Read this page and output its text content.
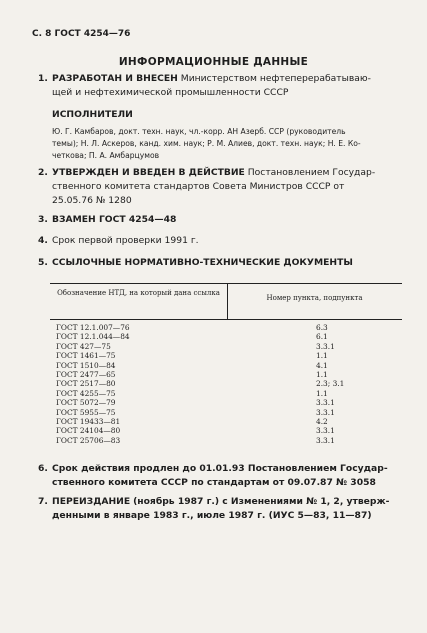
С. 8 ГОСТ 4254—76
ИНФОРМАЦИОННЫЕ ДАННЫЕ
1. РАЗРАБОТАН И ВНЕСЕН Министерством нефтеперерабатываю-
щей и нефтехимической промышленности СССР
ИСПОЛНИТЕЛИ
Ю. Г. Камбаров, докт. техн. наук, чл.-корр. АН Азерб. ССР (руководитель
темы); Н. Л. Аскеров, канд. хим. наук; Р. М. Алиев, докт. техн. наук; Н. Е. Ко-
четкова; П. А. Амбарцумов
2. УТВЕРЖДЕН И ВВЕДЕН В ДЕЙСТВИЕ Постановлением Государ-
ственного комитета стандартов Совета Министров СССР от
25.05.76 № 1280
3. ВЗАМЕН ГОСТ 4254—48
4. Срок первой проверки 1991 г.
5. ССЫЛОЧНЫЕ НОРМАТИВНО-ТЕХНИЧЕСКИЕ ДОКУМЕНТЫ
Обозначение НТД, на который дана ссылка
Номер пункта, подпункта
ГОСТ 12.1.007—76	6.3
ГОСТ 12.1.044—84	6.1
ГОСТ 427—75	3.3.1
ГОСТ 1461—75	1.1
ГОСТ 1510—84	4.1
ГОСТ 2477—65	1.1
ГОСТ 2517—80	2.3; 3.1
ГОСТ 4255—75	1.1
ГОСТ 5072—79	3.3.1
ГОСТ 5955—75	3.3.1
ГОСТ 19433—81	4.2
ГОСТ 24104—80	3.3.1
ГОСТ 25706—83	3.3.1
6. Срок действия продлен до 01.01.93 Постановлением Государ-
ственного комитета СССР по стандартам от 09.07.87 № 3058
7. ПЕРЕИЗДАНИЕ (ноябрь 1987 г.) с Изменениями № 1, 2, утверж-
денными в январе 1983 г., июле 1987 г. (ИУС 5—83, 11—87)
